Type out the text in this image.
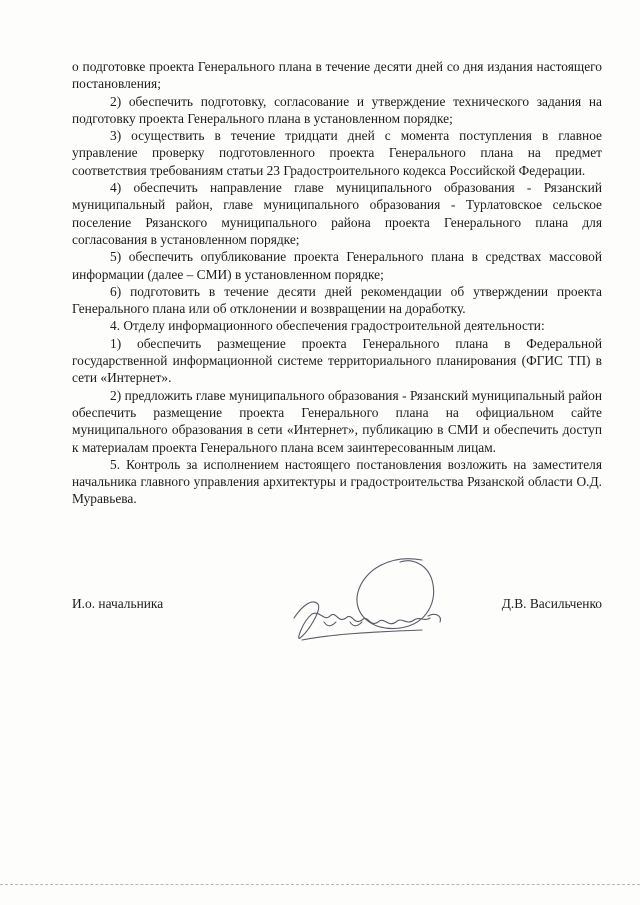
о подготовке проекта Генерального плана в течение десяти дней со дня издания настоящего постановления;

2) обеспечить подготовку, согласование и утверждение технического задания на подготовку проекта Генерального плана в установленном порядке;

3) осуществить в течение тридцати дней с момента поступления в главное управление проверку подготовленного проекта Генерального плана на предмет соответствия требованиям статьи 23 Градостроительного кодекса Российской Федерации.

4) обеспечить направление главе муниципального образования - Рязанский муниципальный район, главе муниципального образования - Турлатовское сельское поселение Рязанского муниципального района проекта Генерального плана для согласования в установленном порядке;

5) обеспечить опубликование проекта Генерального плана в средствах массовой информации (далее – СМИ) в установленном порядке;

6) подготовить в течение десяти дней рекомендации об утверждении проекта Генерального плана или об отклонении и возвращении на доработку.

4. Отделу информационного обеспечения градостроительной деятельности:

1) обеспечить размещение проекта Генерального плана в Федеральной государственной информационной системе территориального планирования (ФГИС ТП) в сети «Интернет».

2) предложить главе муниципального образования - Рязанский муниципальный район обеспечить размещение проекта Генерального плана на официальном сайте муниципального образования в сети «Интернет», публикацию в СМИ и обеспечить доступ к материалам проекта Генерального плана всем заинтересованным лицам.

5. Контроль за исполнением настоящего постановления возложить на заместителя начальника главного управления архитектуры и градостроительства Рязанской области О.Д. Муравьева.

И.о. начальника	Д.В. Васильченко
